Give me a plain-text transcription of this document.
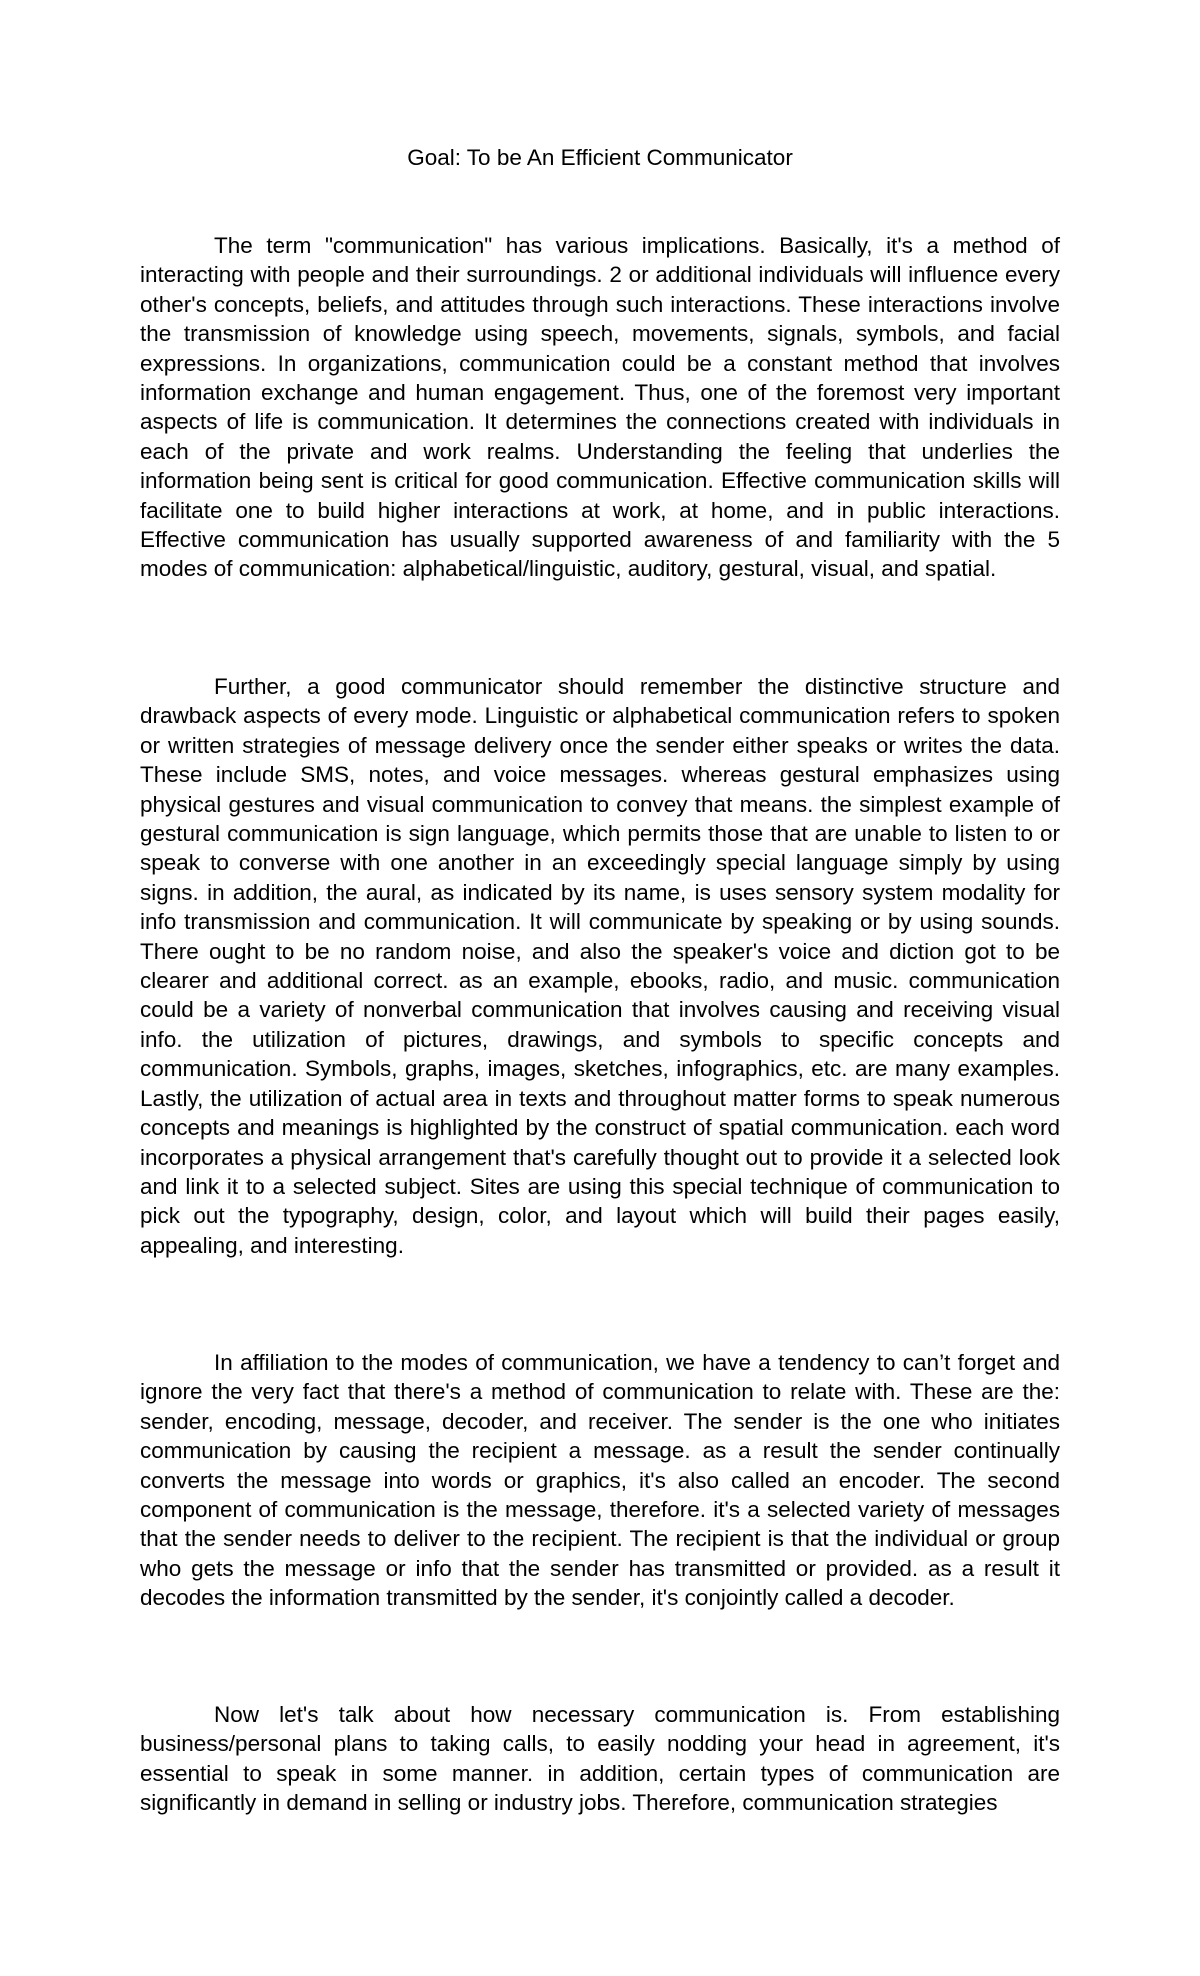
Goal: To be An Efficient Communicator

The term "communication" has various implications. Basically, it's a method of interacting with people and their surroundings. 2 or additional individuals will influence every other's concepts, beliefs, and attitudes through such interactions. These interactions involve the transmission of knowledge using speech, movements, signals, symbols, and facial expressions. In organizations, communication could be a constant method that involves information exchange and human engagement. Thus, one of the foremost very important aspects of life is communication. It determines the connections created with individuals in each of the private and work realms. Understanding the feeling that underlies the information being sent is critical for good communication. Effective communication skills will facilitate one to build higher interactions at work, at home, and in public interactions. Effective communication has usually supported awareness of and familiarity with the 5 modes of communication: alphabetical/linguistic, auditory, gestural, visual, and spatial.

Further, a good communicator should remember the distinctive structure and drawback aspects of every mode. Linguistic or alphabetical communication refers to spoken or written strategies of message delivery once the sender either speaks or writes the data. These include SMS, notes, and voice messages. whereas gestural emphasizes using physical gestures and visual communication to convey that means. the simplest example of gestural communication is sign language, which permits those that are unable to listen to or speak to converse with one another in an exceedingly special language simply by using signs. in addition, the aural, as indicated by its name, is uses sensory system modality for info transmission and communication. It will communicate by speaking or by using sounds. There ought to be no random noise, and also the speaker's voice and diction got to be clearer and additional correct. as an example, ebooks, radio, and music. communication could be a variety of nonverbal communication that involves causing and receiving visual info. the utilization of pictures, drawings, and symbols to specific concepts and communication. Symbols, graphs, images, sketches, infographics, etc. are many examples. Lastly, the utilization of actual area in texts and throughout matter forms to speak numerous concepts and meanings is highlighted by the construct of spatial communication. each word incorporates a physical arrangement that's carefully thought out to provide it a selected look and link it to a selected subject. Sites are using this special technique of communication to pick out the typography, design, color, and layout which will build their pages easily, appealing, and interesting.

In affiliation to the modes of communication, we have a tendency to can’t forget and ignore the very fact that there's a method of communication to relate with. These are the: sender, encoding, message, decoder, and receiver. The sender is the one who initiates communication by causing the recipient a message. as a result the sender continually converts the message into words or graphics, it's also called an encoder. The second component of communication is the message, therefore. it's a selected variety of messages that the sender needs to deliver to the recipient. The recipient is that the individual or group who gets the message or info that the sender has transmitted or provided. as a result it decodes the information transmitted by the sender, it's conjointly called a decoder.

Now let's talk about how necessary communication is. From establishing business/personal plans to taking calls, to easily nodding your head in agreement, it's essential to speak in some manner. in addition, certain types of communication are significantly in demand in selling or industry jobs. Therefore, communication strategies
